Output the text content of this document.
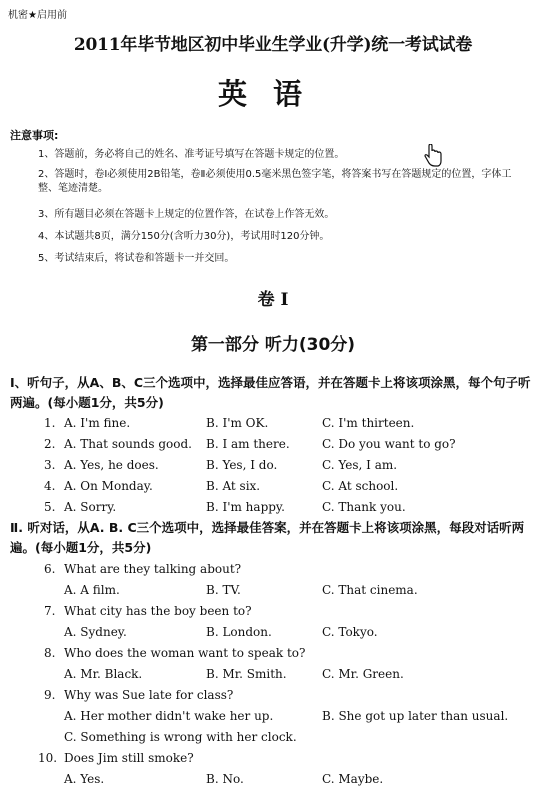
机密★启用前
2011年毕节地区初中毕业生学业(升学)统一考试试卷
英语
注意事项:
1、答题前，务必将自己的姓名、准考证号填写在答题卡规定的位置。
2、答题时，卷Ⅰ必须使用2B铅笔，卷Ⅱ必须使用0.5毫米黑色签字笔，将答案书写在答题规定的位置，字体工整、笔迹清楚。
3、所有题目必须在答题卡上规定的位置作答，在试卷上作答无效。
4、本试题共8页，满分150分(含听力30分)，考试用时120分钟。
5、考试结束后，将试卷和答题卡一并交回。
卷 Ⅰ
第一部分 听力(30分)
Ⅰ、听句子，从A、B、C三个选项中，选择最佳应答语，并在答题卡上将该项涂黑，每个句子听两遍。(每小题1分，共5分)
1. A. I'm fine.	B. I'm OK.	C. I'm thirteen.
2. A. That sounds good. B. I am there.	C. Do you want to go?
3. A. Yes, he does.	B. Yes, I do.	C. Yes, I am.
4. A. On Monday.	B. At six.	C. At school.
5. A. Sorry.	B. I'm happy.	C. Thank you.
Ⅱ. 听对话，从A. B. C三个选项中，选择最佳答案，并在答题卡上将该项涂黑，每段对话听两遍。(每小题1分，共5分)
6. What are they talking about?
A. A film.	B. TV.	C. That cinema.
7. What city has the boy been to?
A. Sydney.	B. London.	C. Tokyo.
8. Who does the woman want to speak to?
A. Mr. Black.	B. Mr. Smith.	C. Mr. Green.
9. Why was Sue late for class?
A. Her mother didn't wake her up.	B. She got up later than usual.
C. Something is wrong with her clock.
10. Does Jim still smoke?
A. Yes.	B. No.	C. Maybe.
